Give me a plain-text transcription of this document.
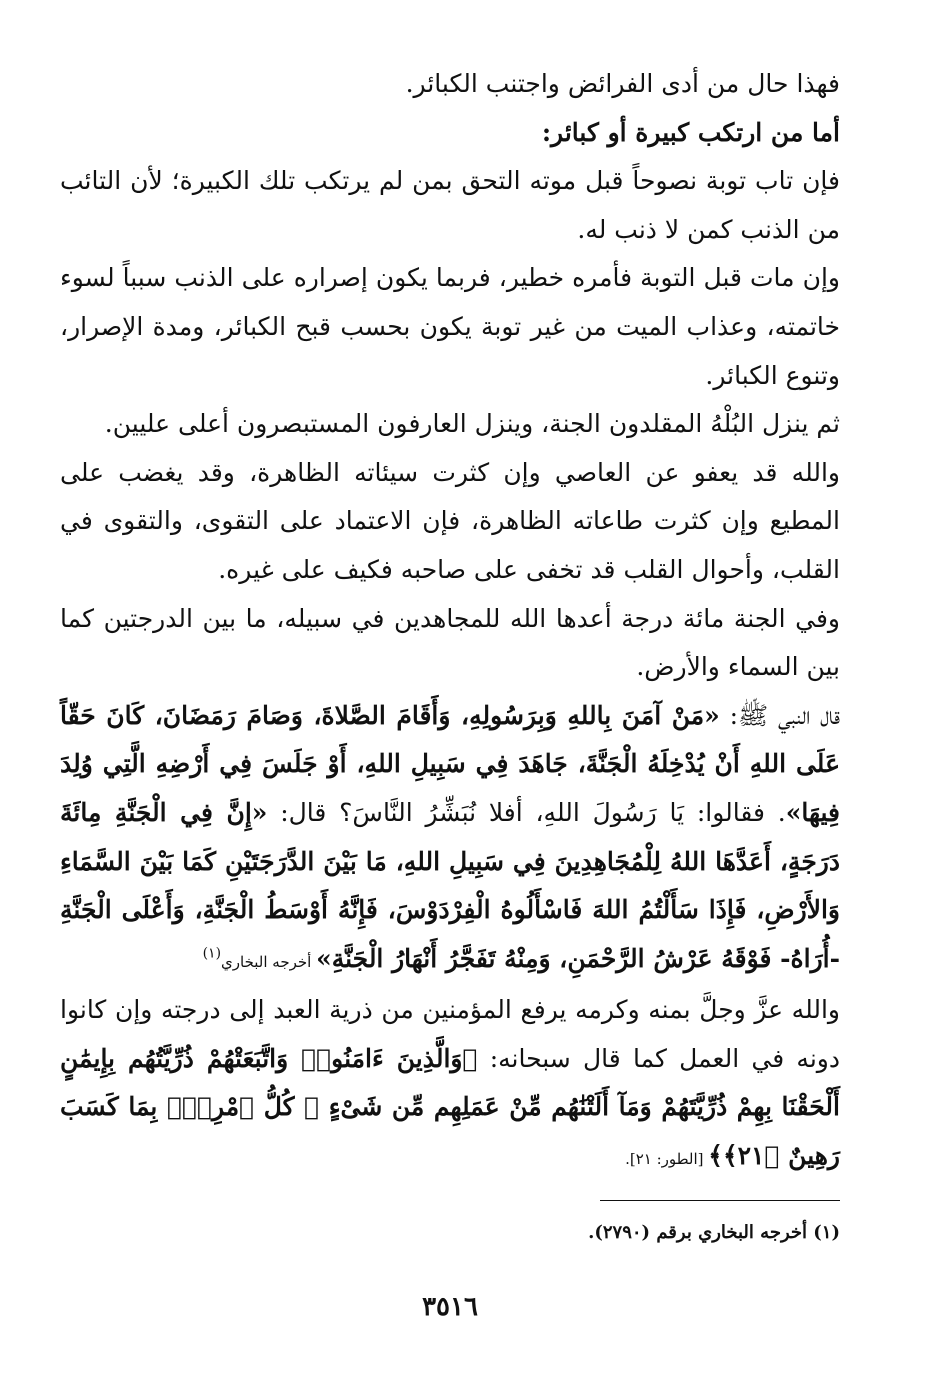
فهذا حال من أدى الفرائض واجتنب الكبائر.

أما من ارتكب كبيرة أو كبائر:

فإن تاب توبة نصوحاً قبل موته التحق بمن لم يرتكب تلك الكبيرة؛ لأن التائب من الذنب كمن لا ذنب له.

وإن مات قبل التوبة فأمره خطير، فربما يكون إصراره على الذنب سبباً لسوء خاتمته، وعذاب الميت من غير توبة يكون بحسب قبح الكبائر، ومدة الإصرار، وتنوع الكبائر.

ثم ينزل البُلْهُ المقلدون الجنة، وينزل العارفون المستبصرون أعلى عليين.

والله قد يعفو عن العاصي وإن كثرت سيئاته الظاهرة، وقد يغضب على المطيع وإن كثرت طاعاته الظاهرة، فإن الاعتماد على التقوى، والتقوى في القلب، وأحوال القلب قد تخفى على صاحبه فكيف على غيره.

وفي الجنة مائة درجة أعدها الله للمجاهدين في سبيله، ما بين الدرجتين كما بين السماء والأرض.

قال النبي ﷺ: «مَنْ آمَنَ بِاللهِ وَبِرَسُولِهِ، وَأَقَامَ الصَّلاةَ، وَصَامَ رَمَضَانَ، كَانَ حَقّاً عَلَى اللهِ أَنْ يُدْخِلَهُ الْجَنَّةَ، جَاهَدَ فِي سَبِيلِ اللهِ، أَوْ جَلَسَ فِي أَرْضِهِ الَّتِي وُلِدَ فِيهَا». فقالوا: يَا رَسُولَ اللهِ، أفلا نُبَشِّرُ النَّاسَ؟ قال: «إِنَّ فِي الْجَنَّةِ مِائَةَ دَرَجَةٍ، أَعَدَّهَا اللهُ لِلْمُجَاهِدِينَ فِي سَبِيلِ اللهِ، مَا بَيْنَ الدَّرَجَتَيْنِ كَمَا بَيْنَ السَّمَاءِ وَالأَرْضِ، فَإِذَا سَأَلْتُمُ اللهَ فَاسْأَلُوهُ الْفِرْدَوْسَ، فَإِنَّهُ أَوْسَطُ الْجَنَّةِ، وَأَعْلَى الْجَنَّةِ -أُرَاهُ- فَوْقَهُ عَرْشُ الرَّحْمَنِ، وَمِنْهُ تَفَجَّرُ أَنْهَارُ الْجَنَّةِ» أخرجه البخاري$^{(١)}$

والله عزَّ وجلَّ بمنه وكرمه يرفع المؤمنين من ذرية العبد إلى درجته وإن كانوا دونه في العمل كما قال سبحانه: ﴿وَالَّذِينَ ءَامَنُوا۟ وَاتَّبَعَتْهُمْ ذُرِّيَّتُهُم بِإِيمَٰنٍ أَلْحَقْنَا بِهِمْ ذُرِّيَّتَهُمْ وَمَآ أَلَتْنَٰهُم مِّنْ عَمَلِهِم مِّن شَىْءٍ ۚ كُلُّ ٱمْرِئٍۭ بِمَا كَسَبَ رَهِينٌ ﴿٢١﴾﴾ [الطور: ٢١].

(١) أخرجه البخاري برقم (٢٧٩٠).
٣٥١٦
